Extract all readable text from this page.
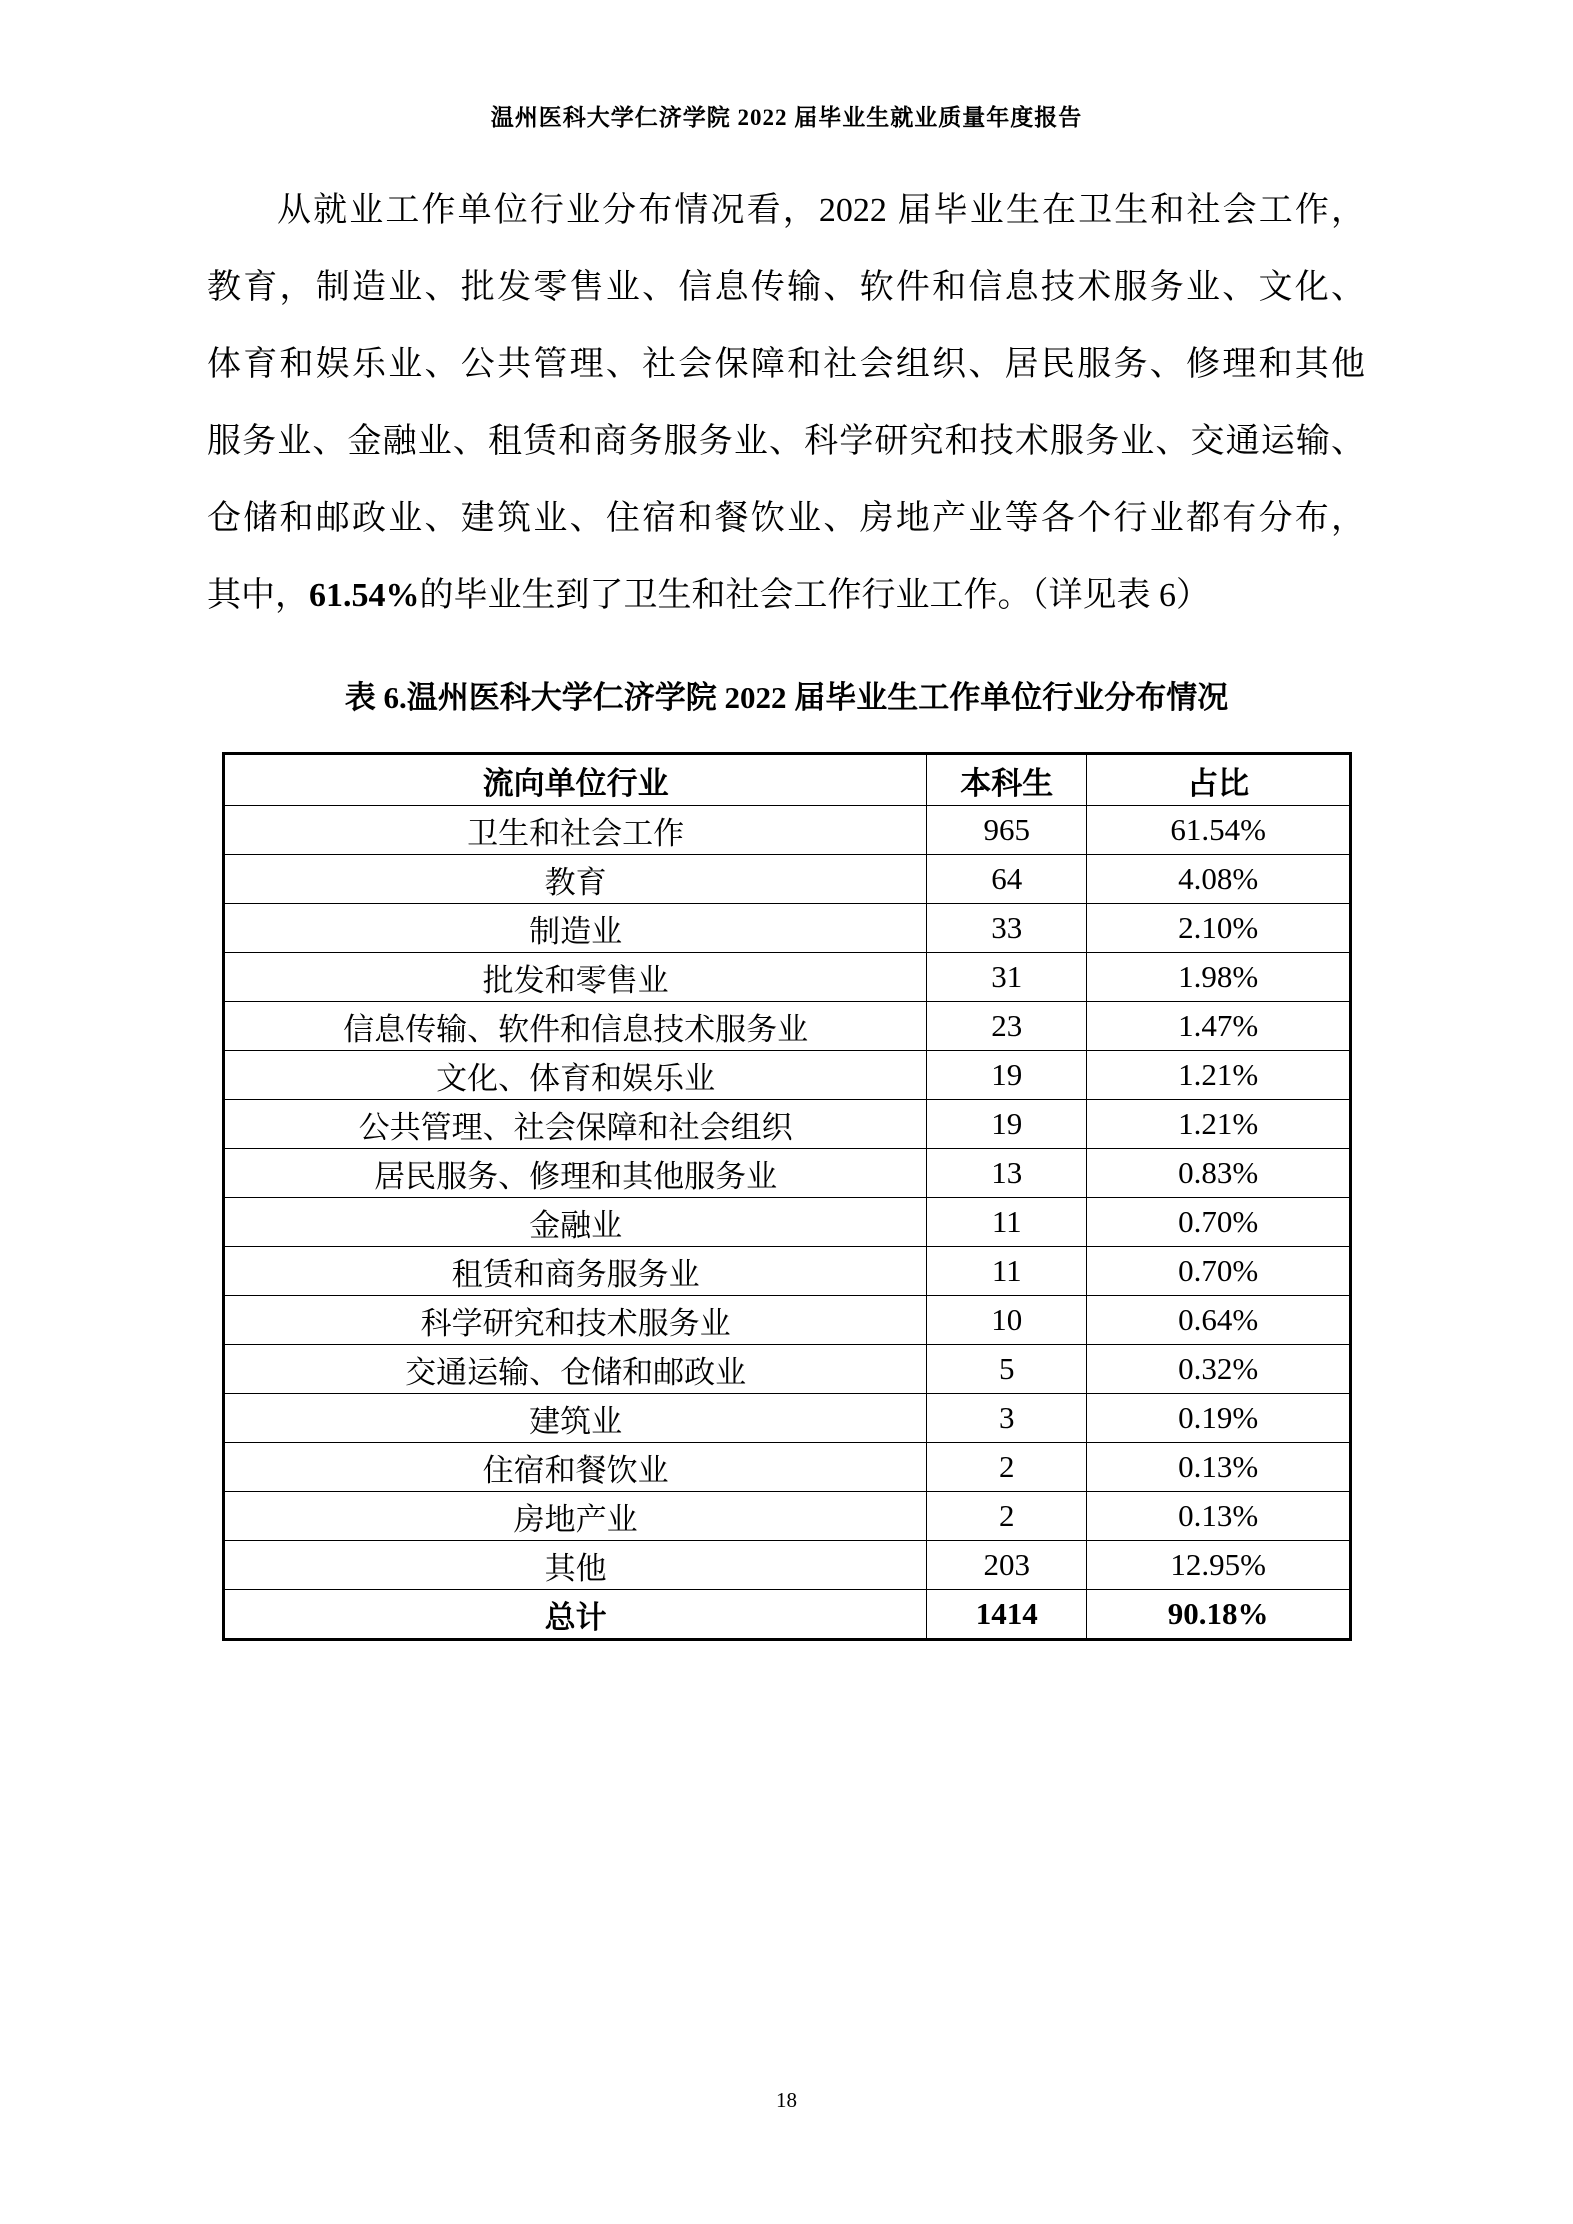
温州医科大学仁济学院 2022 届毕业生就业质量年度报告
从就业工作单位行业分布情况看，2022 届毕业生在卫生和社会工作，
教育，制造业、批发零售业、信息传输、软件和信息技术服务业、文化、
体育和娱乐业、公共管理、社会保障和社会组织、居民服务、修理和其他
服务业、金融业、租赁和商务服务业、科学研究和技术服务业、交通运输、
仓储和邮政业、建筑业、住宿和餐饮业、房地产业等各个行业都有分布，
其中，61.54%的毕业生到了卫生和社会工作行业工作。（详见表 6）
表 6.温州医科大学仁济学院 2022 届毕业生工作单位行业分布情况
流向单位行业	本科生	占比
卫生和社会工作	965	61.54%
教育	64	4.08%
制造业	33	2.10%
批发和零售业	31	1.98%
信息传输、软件和信息技术服务业	23	1.47%
文化、体育和娱乐业	19	1.21%
公共管理、社会保障和社会组织	19	1.21%
居民服务、修理和其他服务业	13	0.83%
金融业	11	0.70%
租赁和商务服务业	11	0.70%
科学研究和技术服务业	10	0.64%
交通运输、仓储和邮政业	5	0.32%
建筑业	3	0.19%
住宿和餐饮业	2	0.13%
房地产业	2	0.13%
其他	203	12.95%
总计	1414	90.18%
18
